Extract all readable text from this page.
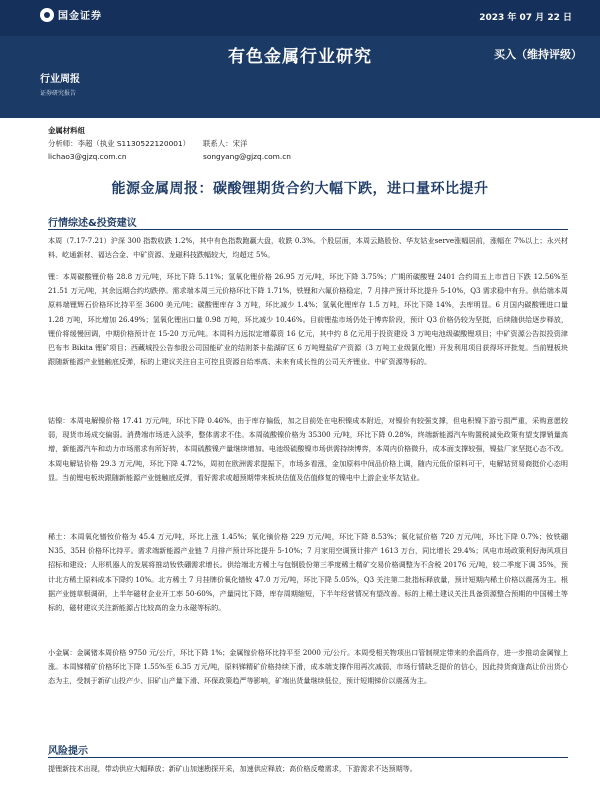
国金证券	2023 年 07 月 22 日
有色金属行业研究	买入（维持评级）
行业周报
证券研究报告
金属材料组
分析师：李超（执业 S1130522120001） 联系人：宋洋
lichao3@gjzq.com.cn	songyang@gjzq.com.cn
能源金属周报：碳酸锂期货合约大幅下跌，进口量环比提升
行情综述&投资建议

本周（7.17-7.21）沪深 300 指数收跌 1.2%，其中有色指数跑赢大盘，收跌 0.3%。个股层面，本周云路股份、华友钴业serve涨幅居前，涨幅在 7%以上；永兴材料、屹通新材、福达合金、中矿资源、龙磁科技跌幅较大，均超过 5%。

锂：本周碳酸锂价格 28.8 万元/吨，环比下降 5.11%；氢氧化锂价格 26.95 万元/吨，环比下降 3.75%；广期所碳酸锂 2401 合约周五上市首日下跌 12.56%至 21.51 万元/吨，其余远期合约均跌停。需求端本周三元价格环比下降 1.71%，铁锂和六氟价格稳定，7 月排产预计环比提升 5-10%，Q3 需求稳中有升。供给端本周原料端锂辉石价格环比持平至 3600 美元/吨；碳酸锂库存 3 万吨，环比减少 1.4%；氢氧化锂库存 1.5 万吨，环比下降 14%，去库明显。6 月国内碳酸锂进口量 1.28 万吨，环比增加 26.49%；氢氧化锂出口量 0.98 万吨，环比减少 10.46%。目前锂盐市场仍处于博弈阶段，预计 Q3 价格仍较为坚挺，后续随供给逐步释放，锂价将缓慢回调，中期价格预计在 15-20 万元/吨。本周科力远拟定增募资 16 亿元，其中约 8 亿元用于投资建设 3 万吨电池级碳酸锂项目；中矿资源公告拟投资津巴布韦 Bikita 锂矿项目；西藏城投公告参股公司国能矿业的结则茶卡盐湖矿区 6 万吨锂盐矿产资源（3 万吨工业级氯化锂）开发利用项目获得环评批复。当前锂板块跟随新能源产业链触底反弹，标的上建议关注自主可控且资源自给率高、未来有成长性的公司天齐锂业、中矿资源等标的。

钴镍：本周电解镍价格 17.41 万元/吨，环比下降 0.46%，由于库存偏低，加之目前处在电积镍成本附近，对镍价有较强支撑，但电积镍下游亏损严重，采购意愿较弱，现货市场成交偏弱。消费端市场进入淡季，整体需求不佳。本周硫酸镍价格为 35300 元/吨，环比下降 0.28%，终端新能源汽车购置税减免政策有望支撑销量高增，新能源汽车和动力市场需求有所好转，本周硫酸镍产量继续增加。电池级硫酸镍市场供需持续博弈，本周内价格微升，成本面支撑较强，镍盐厂家坚挺心态不改。本周电解钴价格 29.3 万元/吨，环比下降 4.72%，周初在欧洲需求提振下，市场多看涨，金加原料中间品价格上调，随内元低价原料可干，电解钴贸易商挺价心态明显。当前锂电板块跟随新能源产业链触底反弹，看好需求或超预期带来板块估值及估值修复的镍电中上游企业华友钴业。

稀土：本周氧化镨钕价格为 45.4 万元/吨，环比上涨 1.45%；氧化镝价格 229 万元/吨，环比下降 8.53%；氧化铽价格 720 万元/吨，环比下降 0.7%；钕铁硼 N35、35H 价格环比持平。需求端新能源产业链 7 月排产预计环比提升 5-10%；7 月家用空调预计排产 1613 万台，同比增长 29.4%；风电市场政策利好海风项目招标和建设；人形机器人的发展将推动钕铁硼需求增长。供给端北方稀土与包钢股份第三季度稀土精矿交易价格调整为不含税 20176 元/吨，较二季度下调 35%，预计北方稀土原料成本下降约 10%。北方稀土 7 月挂牌价氧化镨钕 47.0 万元/吨，环比下降 5.05%，Q3 关注第二批指标释放量，预计短期内稀土价格以震荡为主。根据产业链草根调研，上半年磁材企业开工率 50-60%，产量同比下降，库存周期缩短，下半年经营情况有望改善。标的上稀土建议关注具备资源整合预期的中国稀土等标的，磁材建议关注新能源占比较高的金力永磁等标的。

小金属：金属锗本周价格 9750 元/公斤，环比下降 1%；金属镓价格环比持平至 2000 元/公斤。本周受相关物项出口管制规定带来的余温尚存，进一步推动金属镓上涨。本周锑精矿价格环比下降 1.55%至 6.35 万元/吨，原料锑精矿价格持续下滑，成本端支撑作用再次减弱，市场行情缺乏提价的信心，因此持货商逢高让价出货心态为主，受制于新矿山投产少、旧矿山产量下滑、环保政策趋严等影响，矿端出货量继续低位，预计短期锑价以震荡为主。

风险提示

提锂新技术出现，带动供应大幅释放；新矿山加速勘探开采，加速供应释放；高价格反噬需求，下游需求不达预期等。
